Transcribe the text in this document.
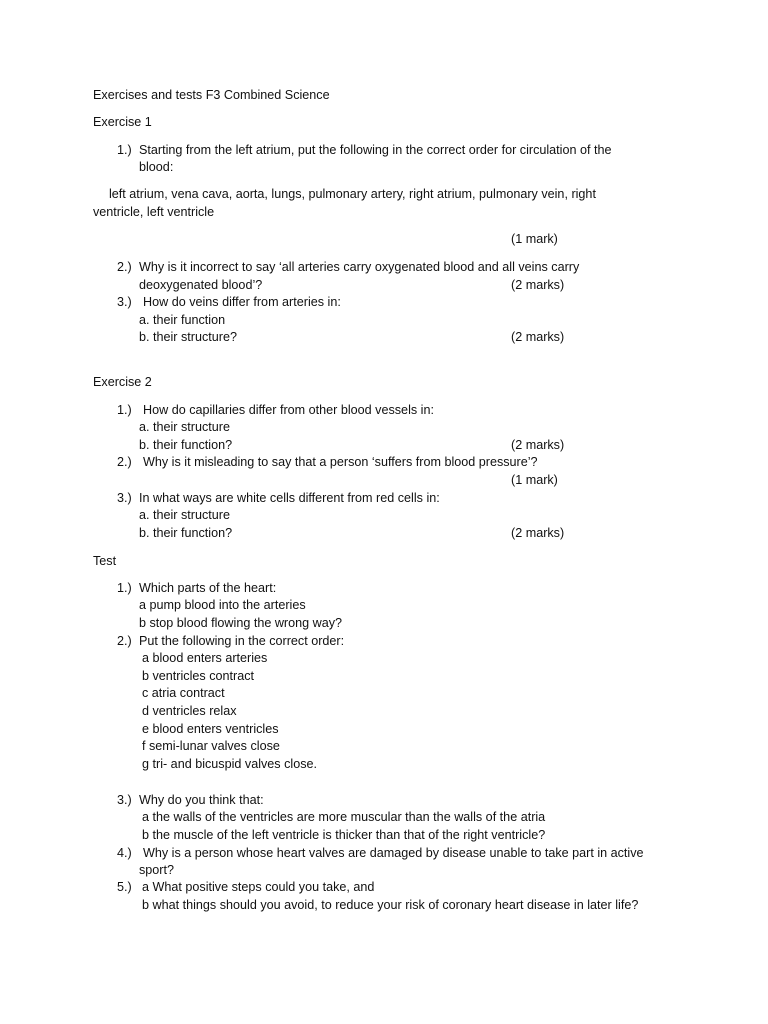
Exercises and tests F3 Combined Science
Exercise 1
1.) Starting from the left atrium, put the following in the correct order for circulation of the
blood:
left atrium, vena cava, aorta, lungs, pulmonary artery, right atrium, pulmonary vein, right
ventricle, left ventricle
(1 mark)
2.) Why is it incorrect to say ‘all arteries carry oxygenated blood and all veins carry
deoxygenated blood’?	(2 marks)
3.) How do veins differ from arteries in:
a. their function
b. their structure?	(2 marks)
Exercise 2
1.) How do capillaries differ from other blood vessels in:
a. their structure
b. their function?	(2 marks)
2.) Why is it misleading to say that a person ‘suffers from blood pressure’?
(1 mark)
3.) In what ways are white cells different from red cells in:
a. their structure
b. their function?	(2 marks)
Test
1.) Which parts of the heart:
a pump blood into the arteries
b stop blood flowing the wrong way?
2.) Put the following in the correct order:
a blood enters arteries
b ventricles contract
c atria contract
d ventricles relax
e blood enters ventricles
f semi-lunar valves close
g tri- and bicuspid valves close.
3.) Why do you think that:
a the walls of the ventricles are more muscular than the walls of the atria
b the muscle of the left ventricle is thicker than that of the right ventricle?
4.) Why is a person whose heart valves are damaged by disease unable to take part in active
sport?
5.) a What positive steps could you take, and
b what things should you avoid, to reduce your risk of coronary heart disease in later life?
